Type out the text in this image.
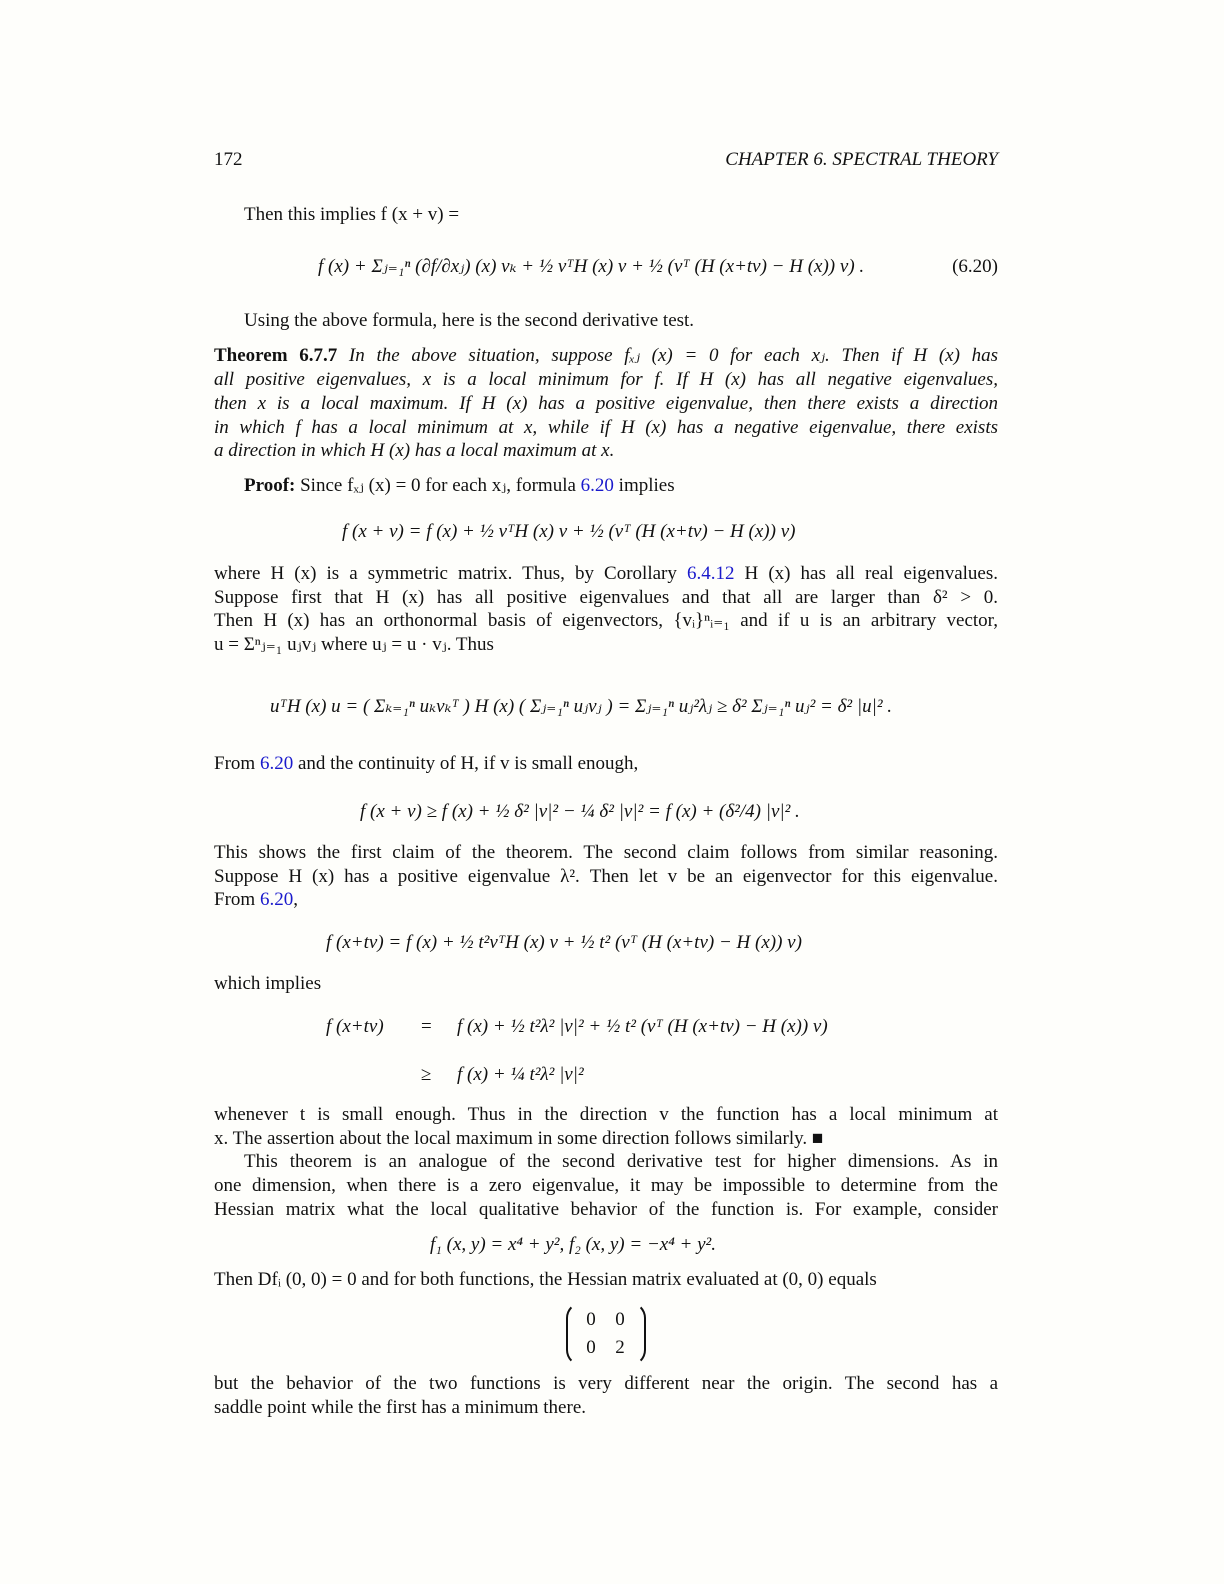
172	CHAPTER 6. SPECTRAL THEORY
Then this implies f (x + v) =
f (x) + Σⱼ₌₁ⁿ (∂f/∂xⱼ) (x) vₖ + ½ vᵀH (x) v + ½ (vᵀ (H (x+tv) − H (x)) v) .	(6.20)
Using the above formula, here is the second derivative test.
Theorem 6.7.7 In the above situation, suppose fₓⱼ (x) = 0 for each xⱼ. Then if H (x) has
all positive eigenvalues, x is a local minimum for f. If H (x) has all negative eigenvalues,
then x is a local maximum. If H (x) has a positive eigenvalue, then there exists a direction
in which f has a local minimum at x, while if H (x) has a negative eigenvalue, there exists
a direction in which H (x) has a local maximum at x.
Proof: Since fₓⱼ (x) = 0 for each xⱼ, formula 6.20 implies
f (x + v) = f (x) + ½ vᵀH (x) v + ½ (vᵀ (H (x+tv) − H (x)) v)
where H (x) is a symmetric matrix. Thus, by Corollary 6.4.12 H (x) has all real eigenvalues.
Suppose first that H (x) has all positive eigenvalues and that all are larger than δ² > 0.
Then H (x) has an orthonormal basis of eigenvectors, {vᵢ}ⁿᵢ₌₁ and if u is an arbitrary vector,
u = Σⁿⱼ₌₁ uⱼvⱼ where uⱼ = u · vⱼ. Thus
uᵀH (x) u = ( Σₖ₌₁ⁿ uₖvₖᵀ ) H (x) ( Σⱼ₌₁ⁿ uⱼvⱼ ) = Σⱼ₌₁ⁿ uⱼ²λⱼ ≥ δ² Σⱼ₌₁ⁿ uⱼ² = δ² |u|² .
From 6.20 and the continuity of H, if v is small enough,
f (x + v) ≥ f (x) + ½ δ² |v|² − ¼ δ² |v|² = f (x) + (δ²/4) |v|² .
This shows the first claim of the theorem. The second claim follows from similar reasoning.
Suppose H (x) has a positive eigenvalue λ². Then let v be an eigenvector for this eigenvalue.
From 6.20,
f (x+tv) = f (x) + ½ t²vᵀH (x) v + ½ t² (vᵀ (H (x+tv) − H (x)) v)
which implies
f (x+tv) = f (x) + ½ t²λ² |v|² + ½ t² (vᵀ (H (x+tv) − H (x)) v)
≥ f (x) + ¼ t²λ² |v|²
whenever t is small enough. Thus in the direction v the function has a local minimum at
x. The assertion about the local maximum in some direction follows similarly. ■
This theorem is an analogue of the second derivative test for higher dimensions. As in
one dimension, when there is a zero eigenvalue, it may be impossible to determine from the
Hessian matrix what the local qualitative behavior of the function is. For example, consider
f₁ (x, y) = x⁴ + y², f₂ (x, y) = −x⁴ + y².
Then Dfᵢ (0, 0) = 0 and for both functions, the Hessian matrix evaluated at (0, 0) equals
0 0
0 2
but the behavior of the two functions is very different near the origin. The second has a
saddle point while the first has a minimum there.
